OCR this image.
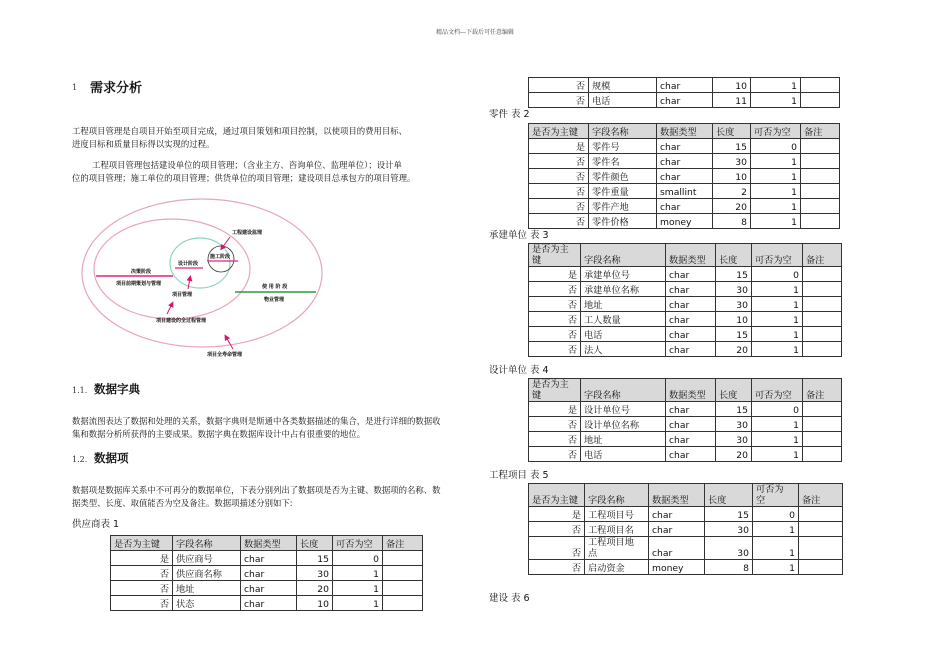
精品文档---下载后可任意编辑
1 需求分析
工程项目管理是自项目开始至项目完成，通过项目策划和项目控制，以使项目的费用目标、
进度目标和质量目标得以实现的过程。
工程项目管理包括建设单位的项目管理；（含业主方、咨询单位、监理单位）；设计单
位的项目管理；施工单位的项目管理；供货单位的项目管理；建设项目总承包方的项目管理。
工程建设监理
施工阶段
设计阶段
决策阶段
项目前期策划与管理	使 用 阶 段
物业管理
项目管理
项目建设的全过程管理
项目全寿命管理
1.1. 数据字典
数据流图表达了数据和处理的关系，数据字典则是斯通中各类数据描述的集合，是进行详细的数据收
集和数据分析所获得的主要成果。数据字典在数据库设计中占有很重要的地位。
1.2. 数据项
数据项是数据库关系中不可再分的数据单位，下表分别列出了数据项是否为主键、数据项的名称、数
据类型、长度、取值能否为空及备注。数据项描述分别如下:
供应商表 1
是否为主键	字段名称	数据类型	长度	可否为空	备注
是	供应商号	char	15	0	
否	供应商名称	char	30	1	
否	地址	char	20	1	
否	状态	char	10	1	
否	规模	char	10	1	
否	电话	char	11	1	
零件 表 2
是否为主键	字段名称	数据类型	长度	可否为空	备注
是	零件号	char	15	0	
否	零件名	char	30	1	
否	零件颜色	char	10	1	
否	零件重量	smallint	2	1	
否	零件产地	char	20	1	
否	零件价格	money	8	1	
承建单位 表 3
是否为主
键	字段名称	数据类型	长度	可否为空	备注
是	承建单位号	char	15	0	
否	承建单位名称	char	30	1	
否	地址	char	30	1	
否	工人数量	char	10	1	
否	电话	char	15	1	
否	法人	char	20	1	
设计单位 表 4
是否为主
键	字段名称	数据类型	长度	可否为空	备注
是	设计单位号	char	15	0	
否	设计单位名称	char	30	1	
否	地址	char	30	1	
否	电话	char	20	1	
工程项目 表 5
是否为主键	字段名称	数据类型	长度	可否为
空	备注
是	工程项目号	char	15	0	
否	工程项目名	char	30	1	
否	工程项目地
点	char	30	1	
否	启动资金	money	8	1	
建设 表 6
